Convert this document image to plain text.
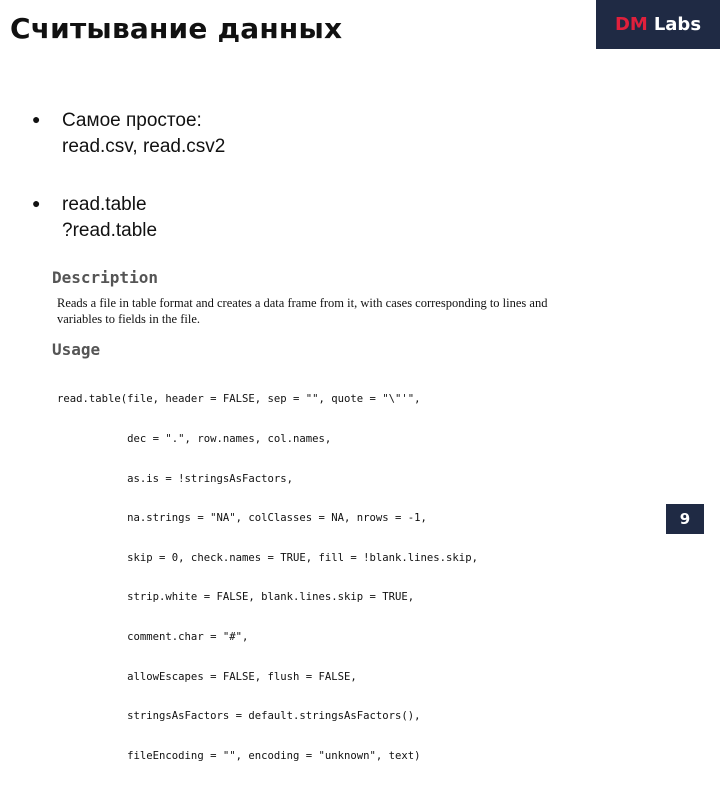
Считывание данных	DM Labs
●	Самое простое:
read.csv, read.csv2
●	read.table
?read.table
Description

Reads a file in table format and creates a data frame from it, with cases corresponding to lines and variables to fields in the file.

Usage

read.table(file, header = FALSE, sep = "", quote = "\"'",

dec = ".", row.names, col.names,

as.is = !stringsAsFactors,

na.strings = "NA", colClasses = NA, nrows = -1,

skip = 0, check.names = TRUE, fill = !blank.lines.skip,

strip.white = FALSE, blank.lines.skip = TRUE,

comment.char = "#",

allowEscapes = FALSE, flush = FALSE,

stringsAsFactors = default.stringsAsFactors(),

fileEncoding = "", encoding = "unknown", text)

9
